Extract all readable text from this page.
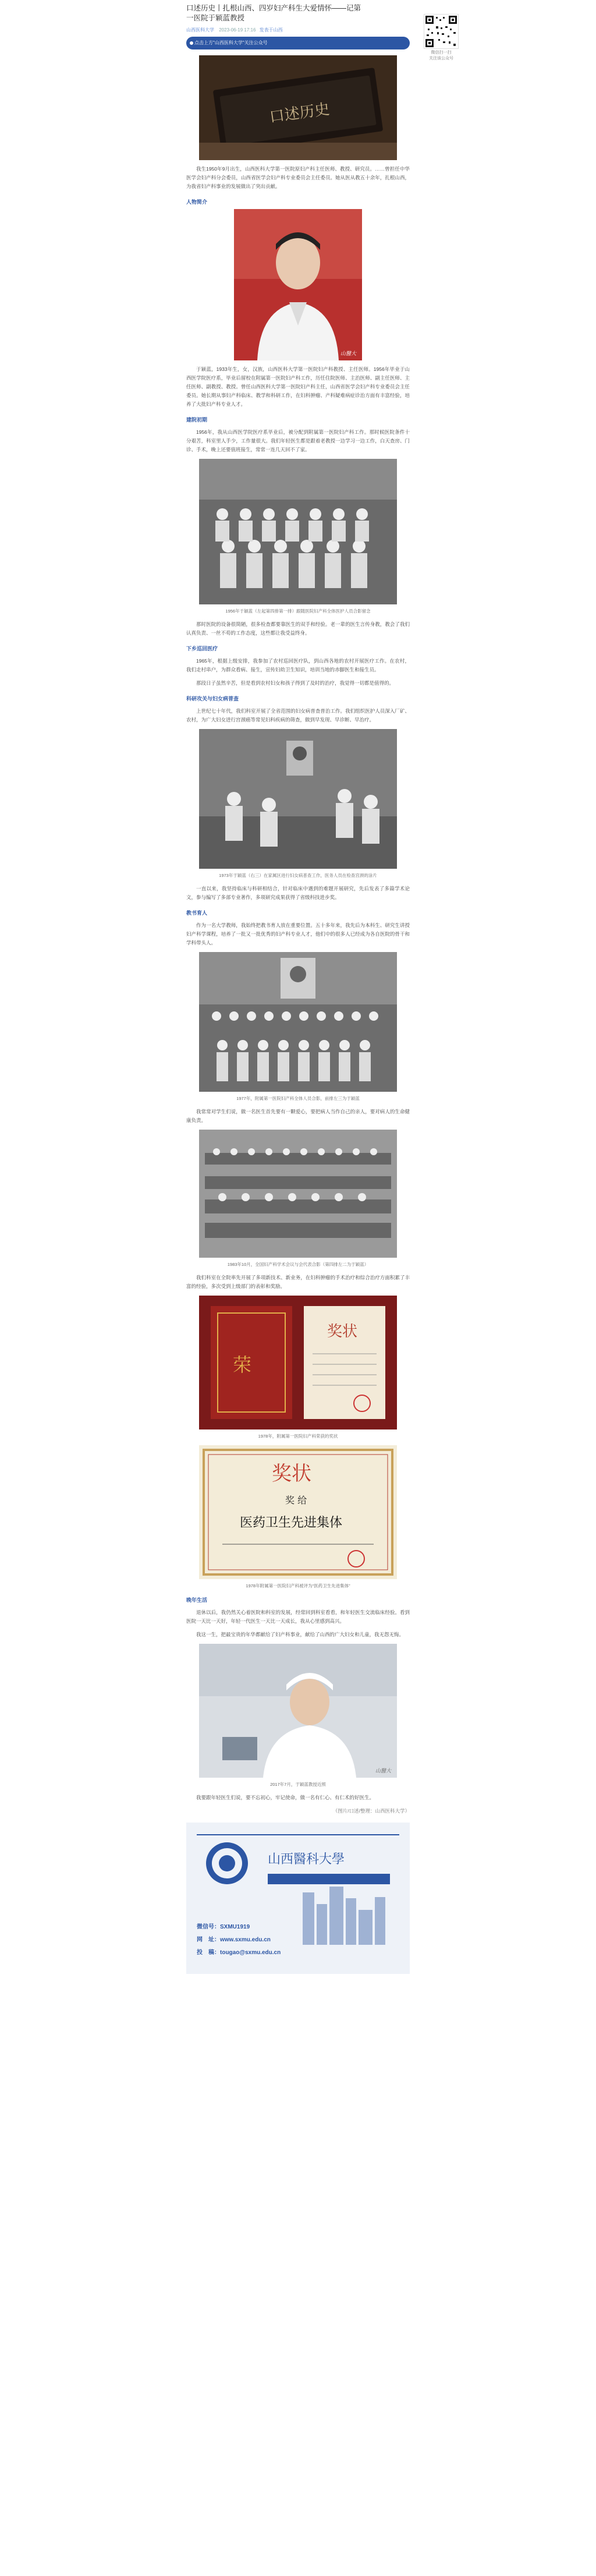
微信扫一扫
关注该公众号
口述历史丨扎根山西、四岁妇产科生大爱情怀——记第一医院于颖蓝教授
山西医科大学 2023-06-19 17:16 发表于山西
点击上方"山西医科大学"关注公众号
口述历史
我生1950年9月出生，山西医科大学第一医院原妇产科主任医师、教授、研究员。……曾担任中华医学会妇产科分会委员，山西省医学会妇产科专业委员会主任委员。她从医从教五十余年，扎根山西，为我省妇产科事业的发展做出了突出贡献。
人物简介
山醫大
于颖蓝，1933年生，女，汉族，山西医科大学第一医院妇产科教授、主任医师。1956年毕业于山西医学院医疗系，毕业后留校在附属第一医院妇产科工作，历任住院医师、主治医师、副主任医师、主任医师、副教授、教授。曾任山西医科大学第一医院妇产科主任，山西省医学会妇产科专业委员会主任委员。她长期从事妇产科临床、教学和科研工作，在妇科肿瘤、产科疑难病症诊治方面有丰富经验，培养了大批妇产科专业人才。
建院初期
1956年，我从山西医学院医疗系毕业后，被分配到附属第一医院妇产科工作。那时候医院条件十分艰苦，科室里人手少，工作量很大。我们年轻医生都是跟着老教授一边学习一边工作，白天查房、门诊、手术，晚上还要值班接生，常常一连几天回不了家。
1956年于颖蓝（左起第四排第一排）跟随医院妇产科全体医护人员合影留念
那时医院的设备很简陋，很多检查都要靠医生的双手和经验。老一辈的医生言传身教，教会了我们认真负责、一丝不苟的工作态度，这些都让我受益终身。
下乡巡回医疗
1965年，根据上级安排，我参加了农村巡回医疗队，到山西各地的农村开展医疗工作。在农村，我们走村串户，为群众看病、接生，宣传妇幼卫生知识，培训当地的赤脚医生和接生员。
那段日子虽然辛苦，但是看到农村妇女和孩子得到了及时的治疗，我觉得一切都是值得的。
科研攻关与妇女病普查
上世纪七十年代，我们科室开展了全省范围的妇女病普查普治工作。我们组织医护人员深入厂矿、农村，为广大妇女进行宫颈癌等常见妇科疾病的筛查，做到早发现、早诊断、早治疗。
1973年于颖蓝（右三）在家属区进行妇女病普查工作，医务人员在检查宫颈的涂片
一直以来，我坚持临床与科研相结合，针对临床中遇到的难题开展研究，先后发表了多篇学术论文，参与编写了多部专业著作，多项研究成果获得了省级科技进步奖。
教书育人
作为一名大学教师，我始终把教书育人放在重要位置。五十多年来，我先后为本科生、研究生讲授妇产科学课程，培养了一批又一批优秀的妇产科专业人才，他们中的很多人已经成为各自医院的骨干和学科带头人。
1977年，附属第一医院妇产科全体人员合影，前排左三为于颖蓝
我常常对学生们说，做一名医生首先要有一颗爱心，要把病人当作自己的亲人，要对病人的生命健康负责。
1983年10月，全国妇产科学术会议与会代表合影（第四排左二为于颖蓝）
我们科室在全院率先开展了多项新技术、新业务，在妇科肿瘤的手术治疗和综合治疗方面积累了丰富的经验，多次受到上级部门的表彰和奖励。
荣
奖状
1978年，附属第一医院妇产科荣获的奖状
奖状
奖 给
医药卫生先进集体
1978年附属第一医院妇产科被评为“医药卫生先进集体”
晚年生活
退休以后，我仍然关心着医院和科室的发展，经常回到科室看看，和年轻医生交流临床经验。看到医院一天比一天好，年轻一代医生一天比一天成长，我从心里感到高兴。
我这一生，把最宝贵的年华都献给了妇产科事业，献给了山西的广大妇女和儿童，我无怨无悔。
山醫大
2017年7月，于颖蓝教授近照
我要跟年轻医生们说，要不忘初心，牢记使命，做一名有仁心、有仁术的好医生。
（图片/口述/整理：山西医科大学）
山西醫科大學
微信号：SXMU1919
网　址：www.sxmu.edu.cn
投　稿：tougao@sxmu.edu.cn
